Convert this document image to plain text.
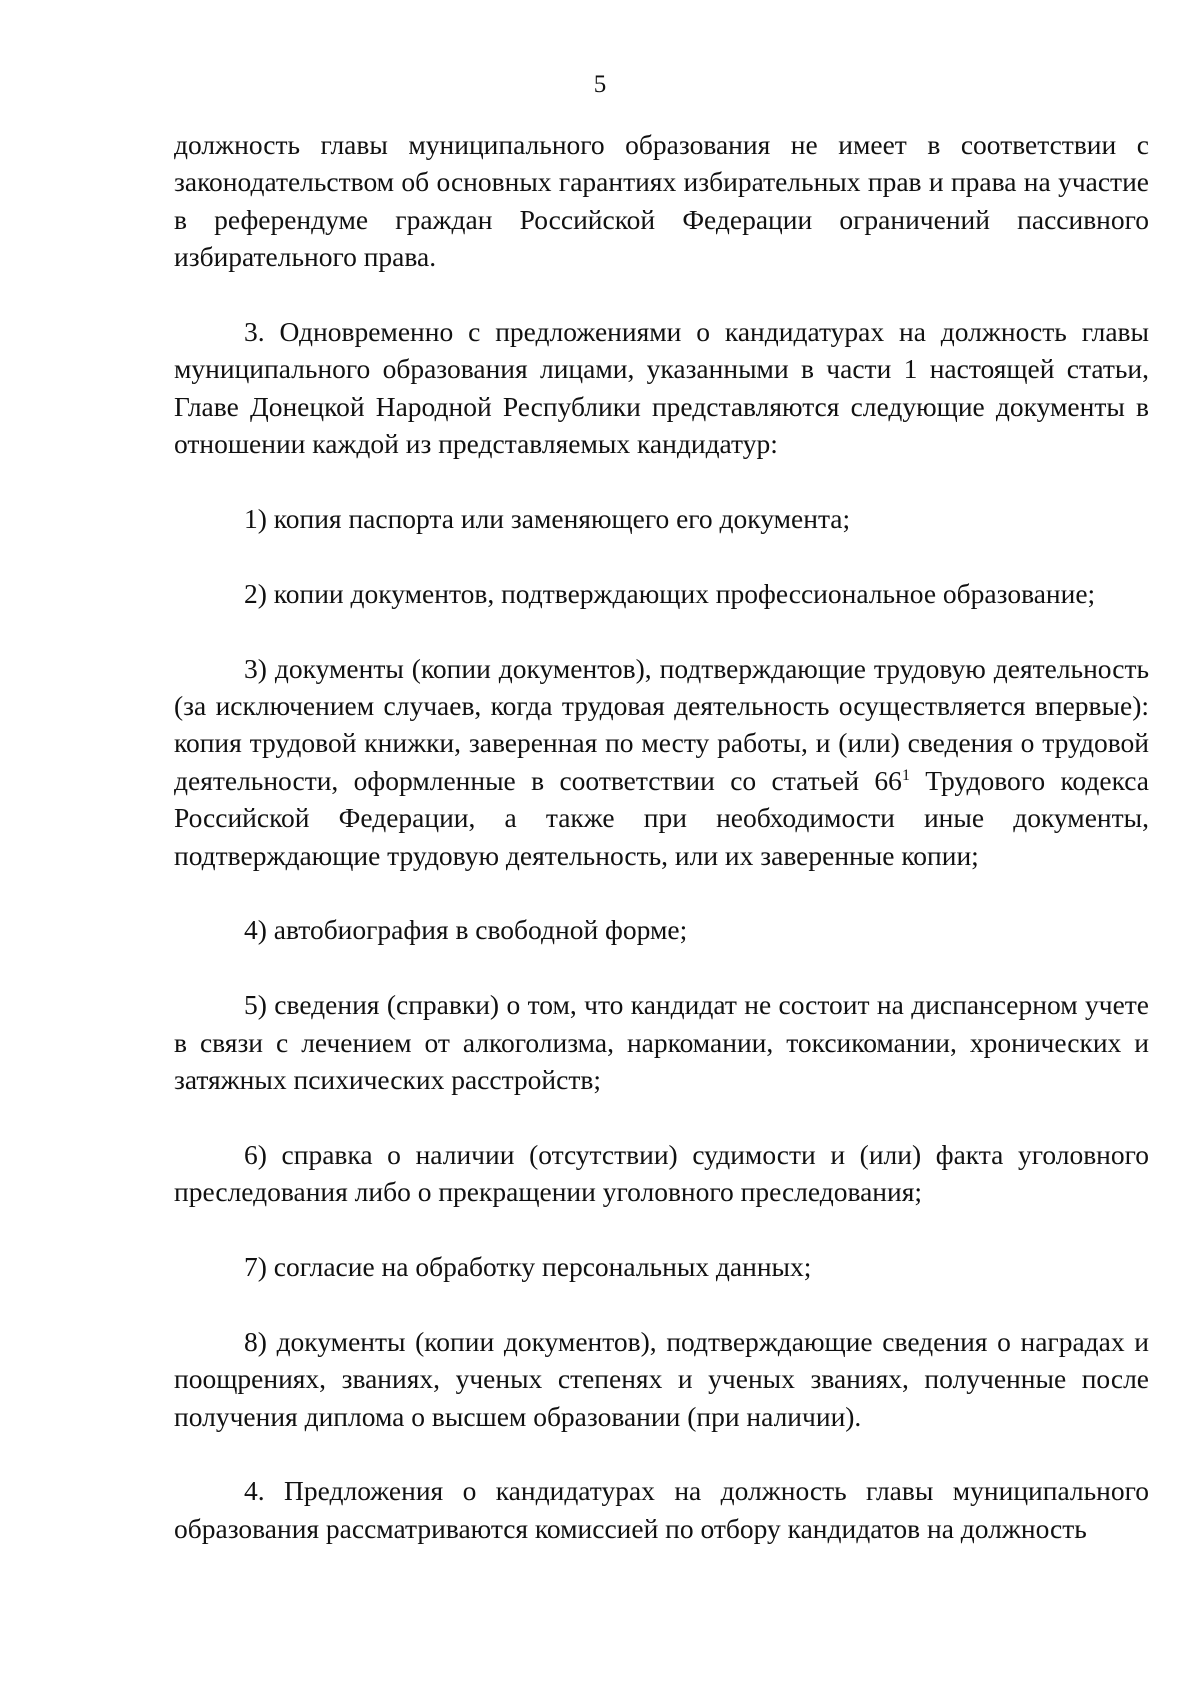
5

должность главы муниципального образования не имеет в соответствии с законодательством об основных гарантиях избирательных прав и права на участие в референдуме граждан Российской Федерации ограничений пассивного избирательного права.

3. Одновременно с предложениями о кандидатурах на должность главы муниципального образования лицами, указанными в части 1 настоящей статьи, Главе Донецкой Народной Республики представляются следующие документы в отношении каждой из представляемых кандидатур:

1) копия паспорта или заменяющего его документа;

2) копии документов, подтверждающих профессиональное образование;

3) документы (копии документов), подтверждающие трудовую деятельность (за исключением случаев, когда трудовая деятельность осуществляется впервые): копия трудовой книжки, заверенная по месту работы, и (или) сведения о трудовой деятельности, оформленные в соответствии со статьей $66^1$ Трудового кодекса Российской Федерации, а также при необходимости иные документы, подтверждающие трудовую деятельность, или их заверенные копии;

4) автобиография в свободной форме;

5) сведения (справки) о том, что кандидат не состоит на диспансерном учете в связи с лечением от алкоголизма, наркомании, токсикомании, хронических и затяжных психических расстройств;

6) справка о наличии (отсутствии) судимости и (или) факта уголовного преследования либо о прекращении уголовного преследования;

7) согласие на обработку персональных данных;

8) документы (копии документов), подтверждающие сведения о наградах и поощрениях, званиях, ученых степенях и ученых званиях, полученные после получения диплома о высшем образовании (при наличии).

4. Предложения о кандидатурах на должность главы муниципального образования рассматриваются комиссией по отбору кандидатов на должность
